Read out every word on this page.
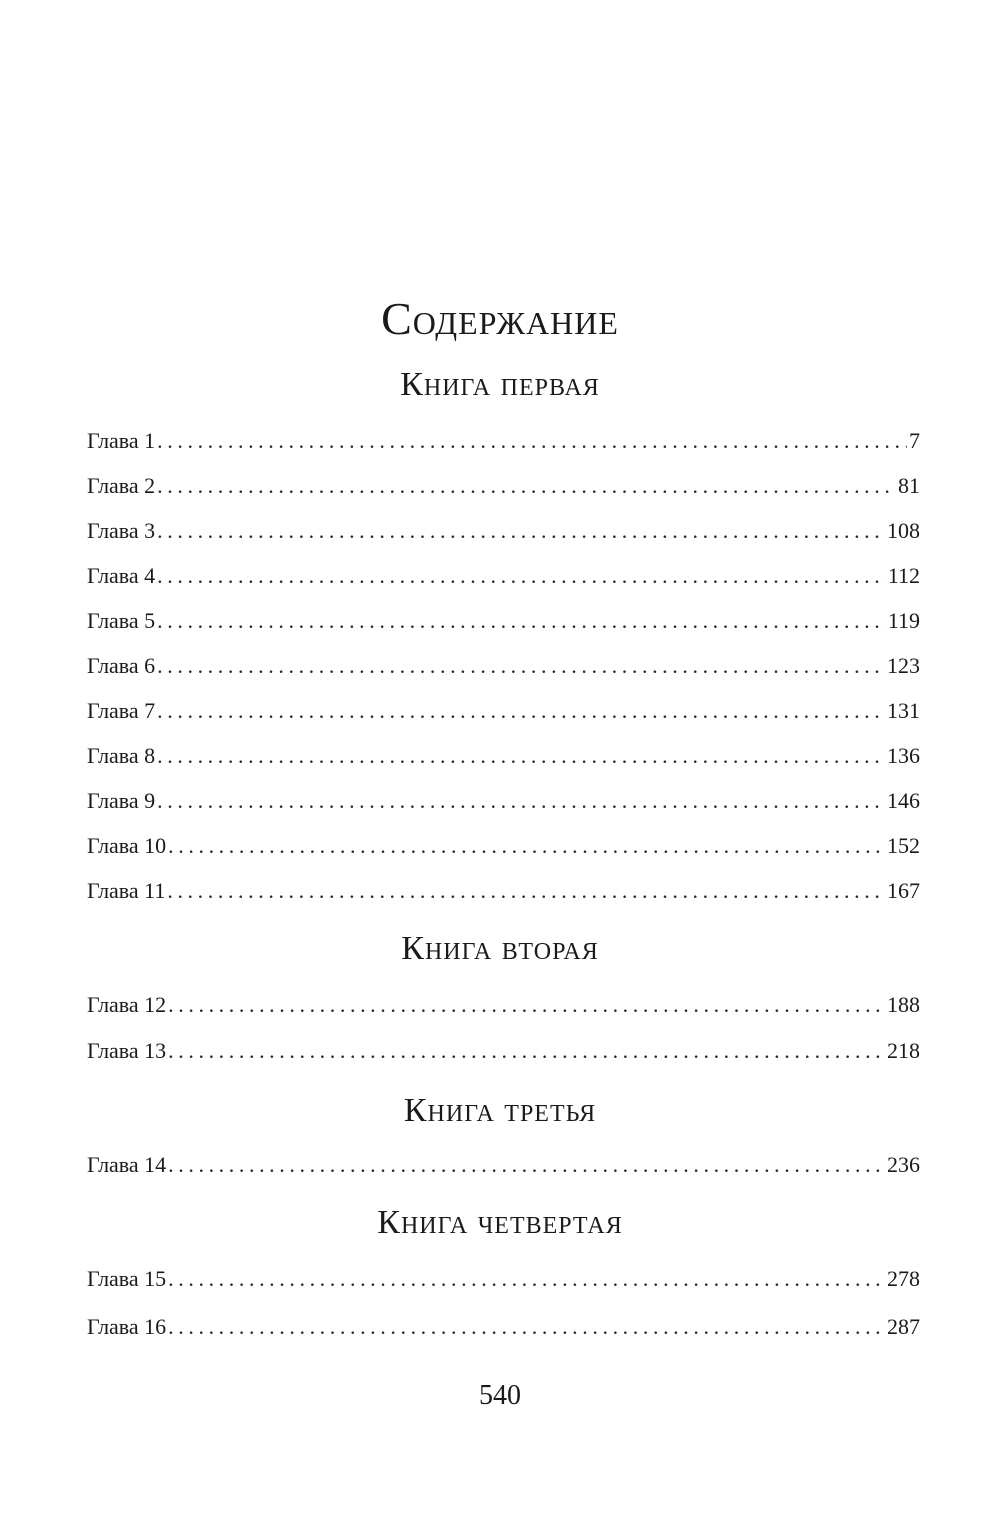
Содержание
Книга первая
Глава 1 .....	7
Глава 2 .....	81
Глава 3 .....	108
Глава 4 .....	112
Глава 5 .....	119
Глава 6 .....	123
Глава 7 .....	131
Глава 8 .....	136
Глава 9 .....	146
Глава 10 .....	152
Глава 11 .....	167
Книга вторая
Глава 12 .....	188
Глава 13 .....	218
Книга третья
Глава 14 .....	236
Книга четвертая
Глава 15 .....	278
Глава 16 .....	287
540
